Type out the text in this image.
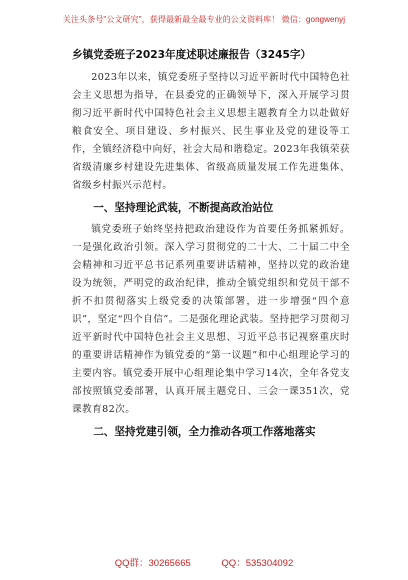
关注头条号"公文研究"，获得最新最全最专业的公文资料库！ 微信：gongwenyj
乡镇党委班子2023年度述职述廉报告（3245字）

2023年以来，镇党委班子坚持以习近平新时代中国特色社会主义思想为指导，在县委党的正确领导下，深入开展学习贯彻习近平新时代中国特色社会主义思想主题教育全力以赴做好粮食安全、项目建设、乡村振兴、民生事业及党的建设等工作，全镇经济稳中向好，社会大局和谐稳定。2023年我镇荣获省级清廉乡村建设先进集体、省级高质量发展工作先进集体、省级乡村振兴示范村。

一、坚持理论武装，不断提高政治站位

镇党委班子始终坚持把政治建设作为首要任务抓紧抓好。一是强化政治引领。深入学习贯彻党的二十大、二十届二中全会精神和习近平总书记系列重要讲话精神，坚持以党的政治建设为统领，严明党的政治纪律，推动全镇党组织和党员干部不折不扣贯彻落实上级党委的决策部署，进一步增强“四个意识”，坚定“四个自信”。二是强化理论武装。坚持把学习贯彻习近平新时代中国特色社会主义思想、习近平总书记视察重庆时的重要讲话精神作为镇党委的“第一议题”和中心组理论学习的主要内容。镇党委开展中心组理论集中学习14次，全年各党支部按照镇党委部署，认真开展主题党日、三会一课351次，党课教育82次。

二、坚持党建引领，全力推动各项工作落地落实
QQ群：30265665	QQ：535304092
